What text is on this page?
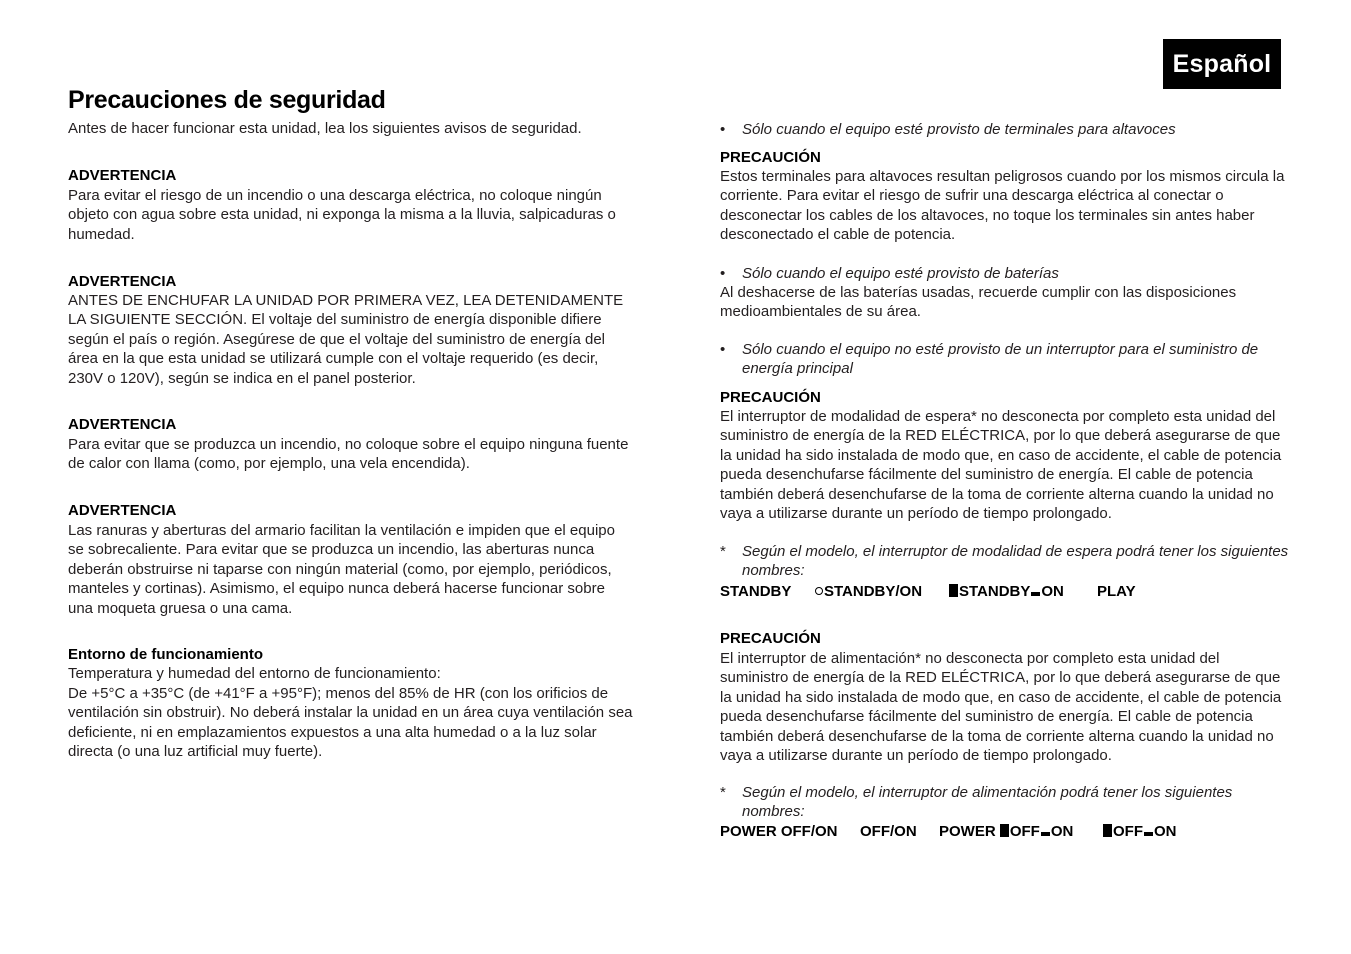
Español
Precauciones de seguridad

Antes de hacer funcionar esta unidad, lea los siguientes avisos de seguridad.

ADVERTENCIA

Para evitar el riesgo de un incendio o una descarga eléctrica, no coloque ningún objeto con agua sobre esta unidad, ni exponga la misma a la lluvia, salpicaduras o humedad.

ADVERTENCIA

ANTES DE ENCHUFAR LA UNIDAD POR PRIMERA VEZ, LEA DETENIDAMENTE LA SIGUIENTE SECCIÓN. El voltaje del suministro de energía disponible difiere según el país o región. Asegúrese de que el voltaje del suministro de energía del área en la que esta unidad se utilizará cumple con el voltaje requerido (es decir, 230V o 120V), según se indica en el panel posterior.

ADVERTENCIA

Para evitar que se produzca un incendio, no coloque sobre el equipo ninguna fuente de calor con llama (como, por ejemplo, una vela encendida).

ADVERTENCIA

Las ranuras y aberturas del armario facilitan la ventilación e impiden que el equipo se sobrecaliente. Para evitar que se produzca un incendio, las aberturas nunca deberán obstruirse ni taparse con ningún material (como, por ejemplo, periódicos, manteles y cortinas). Asimismo, el equipo nunca deberá hacerse funcionar sobre una moqueta gruesa o una cama.

Entorno de funcionamiento

Temperatura y humedad del entorno de funcionamiento:

De +5°C a +35°C (de +41°F a +95°F); menos del 85% de HR (con los orificios de ventilación sin obstruir). No deberá instalar la unidad en un área cuya ventilación sea deficiente, ni en emplazamientos expuestos a una alta humedad o a la luz solar directa (o una luz artificial muy fuerte).

• Sólo cuando el equipo esté provisto de terminales para altavoces

PRECAUCIÓN

Estos terminales para altavoces resultan peligrosos cuando por los mismos circula la corriente. Para evitar el riesgo de sufrir una descarga eléctrica al conectar o desconectar los cables de los altavoces, no toque los terminales sin antes haber desconectado el cable de potencia.

• Sólo cuando el equipo esté provisto de baterías

Al deshacerse de las baterías usadas, recuerde cumplir con las disposiciones medioambientales de su área.

• Sólo cuando el equipo no esté provisto de un interruptor para el suministro de energía principal

PRECAUCIÓN

El interruptor de modalidad de espera* no desconecta por completo esta unidad del suministro de energía de la RED ELÉCTRICA, por lo que deberá asegurarse de que la unidad ha sido instalada de modo que, en caso de accidente, el cable de potencia pueda desenchufarse fácilmente del suministro de energía. El cable de potencia también deberá desenchufarse de la toma de corriente alterna cuando la unidad no vaya a utilizarse durante un período de tiempo prolongado.

* Según el modelo, el interruptor de modalidad de espera podrá tener los siguientes nombres:

STANDBY	STANDBY/ON	STANDBY ON PLAY

PRECAUCIÓN

El interruptor de alimentación* no desconecta por completo esta unidad del suministro de energía de la RED ELÉCTRICA, por lo que deberá asegurarse de que la unidad ha sido instalada de modo que, en caso de accidente, el cable de potencia pueda desenchufarse fácilmente del suministro de energía. El cable de potencia también deberá desenchufarse de la toma de corriente alterna cuando la unidad no vaya a utilizarse durante un período de tiempo prolongado.

* Según el modelo, el interruptor de alimentación podrá tener los siguientes nombres:

POWER OFF/ON OFF/ON POWER OFF ON	OFF ON
